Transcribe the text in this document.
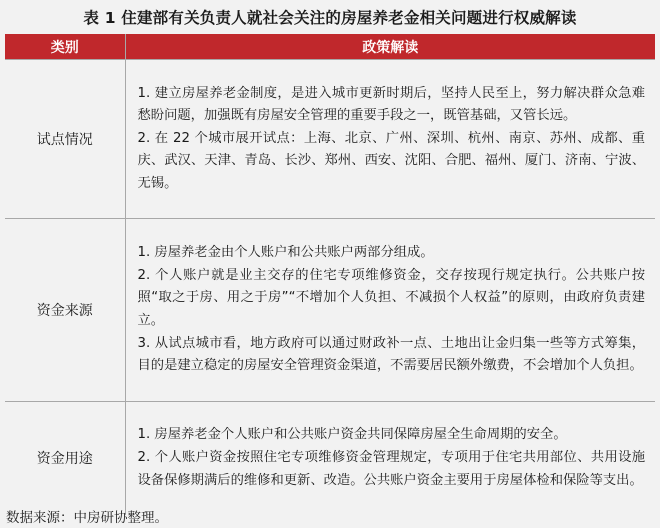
表 1 住建部有关负责人就社会关注的房屋养老金相关问题进行权威解读
类别	政策解读
试点情况	1. 建立房屋养老金制度，是进入城市更新时期后，坚持人民至上，努力解决群众急难愁盼问题，加强既有房屋安全管理的重要手段之一，既管基础，又管长远。

2. 在 22 个城市展开试点：上海、北京、广州、深圳、杭州、南京、苏州、成都、重庆、武汉、天津、青岛、长沙、郑州、西安、沈阳、合肥、福州、厦门、济南、宁波、无锡。

资金来源	1. 房屋养老金由个人账户和公共账户两部分组成。

2. 个人账户就是业主交存的住宅专项维修资金，交存按现行规定执行。公共账户按照“取之于房、用之于房”“不增加个人负担、不减损个人权益”的原则，由政府负责建立。

3. 从试点城市看，地方政府可以通过财政补一点、土地出让金归集一些等方式筹集，目的是建立稳定的房屋安全管理资金渠道，不需要居民额外缴费，不会增加个人负担。

资金用途	1. 房屋养老金个人账户和公共账户资金共同保障房屋全生命周期的安全。

2. 个人账户资金按照住宅专项维修资金管理规定，专项用于住宅共用部位、共用设施设备保修期满后的维修和更新、改造。公共账户资金主要用于房屋体检和保险等支出。

数据来源：中房研协整理。
